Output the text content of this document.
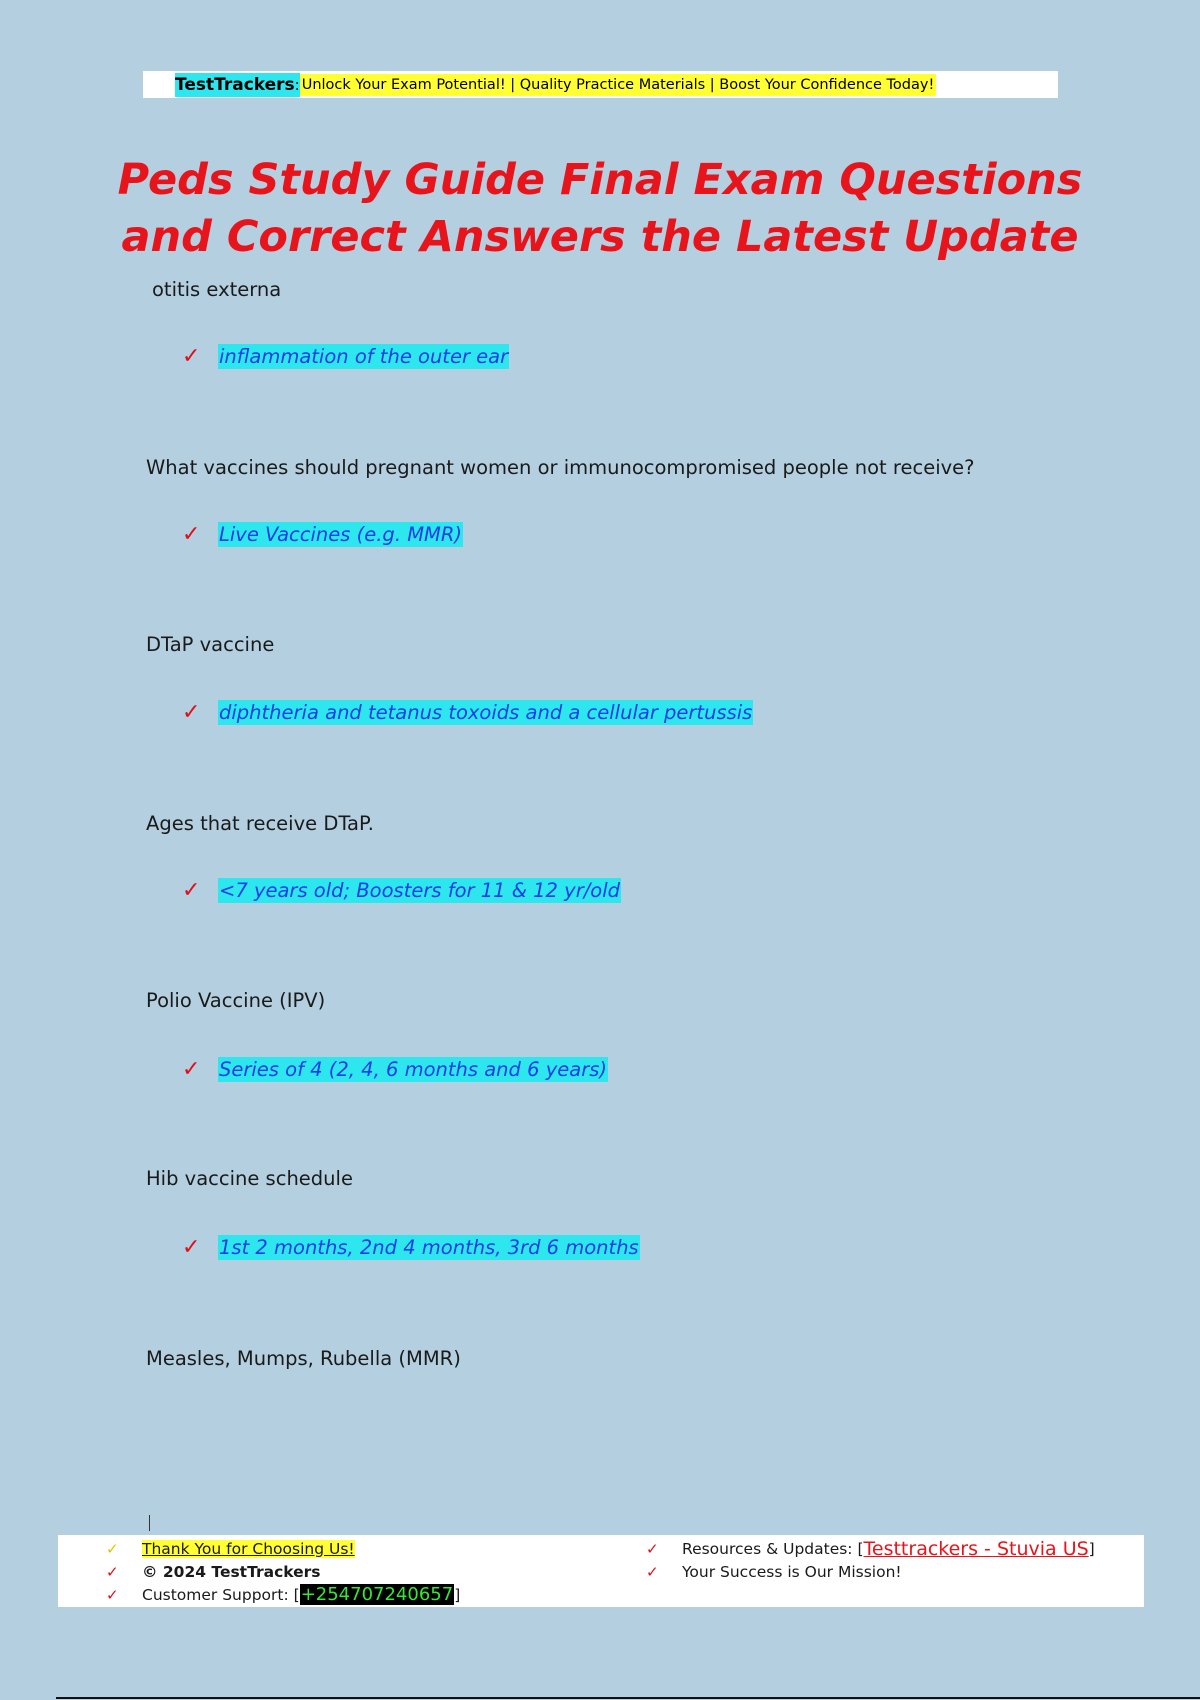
TestTrackers : Unlock Your Exam Potential! | Quality Practice Materials | Boost Your Confidence Today!
Peds Study Guide Final Exam Questions
and Correct Answers the Latest Update
otitis externa
✓ inflammation of the outer ear
What vaccines should pregnant women or immunocompromised people not receive?
✓ Live Vaccines (e.g. MMR)
DTaP vaccine
✓ diphtheria and tetanus toxoids and a cellular pertussis
Ages that receive DTaP.
✓ <7 years old; Boosters for 11 & 12 yr/old
Polio Vaccine (IPV)
✓ Series of 4 (2, 4, 6 months and 6 years)
Hib vaccine schedule
✓ 1st 2 months, 2nd 4 months, 3rd 6 months
Measles, Mumps, Rubella (MMR)
✓	Thank You for Choosing Us!
✓	© 2024 TestTrackers
✓	Customer Support: [ +254707240657 ]
✓	Resources & Updates: [ Testtrackers - Stuvia US ]
✓	Your Success is Our Mission!
